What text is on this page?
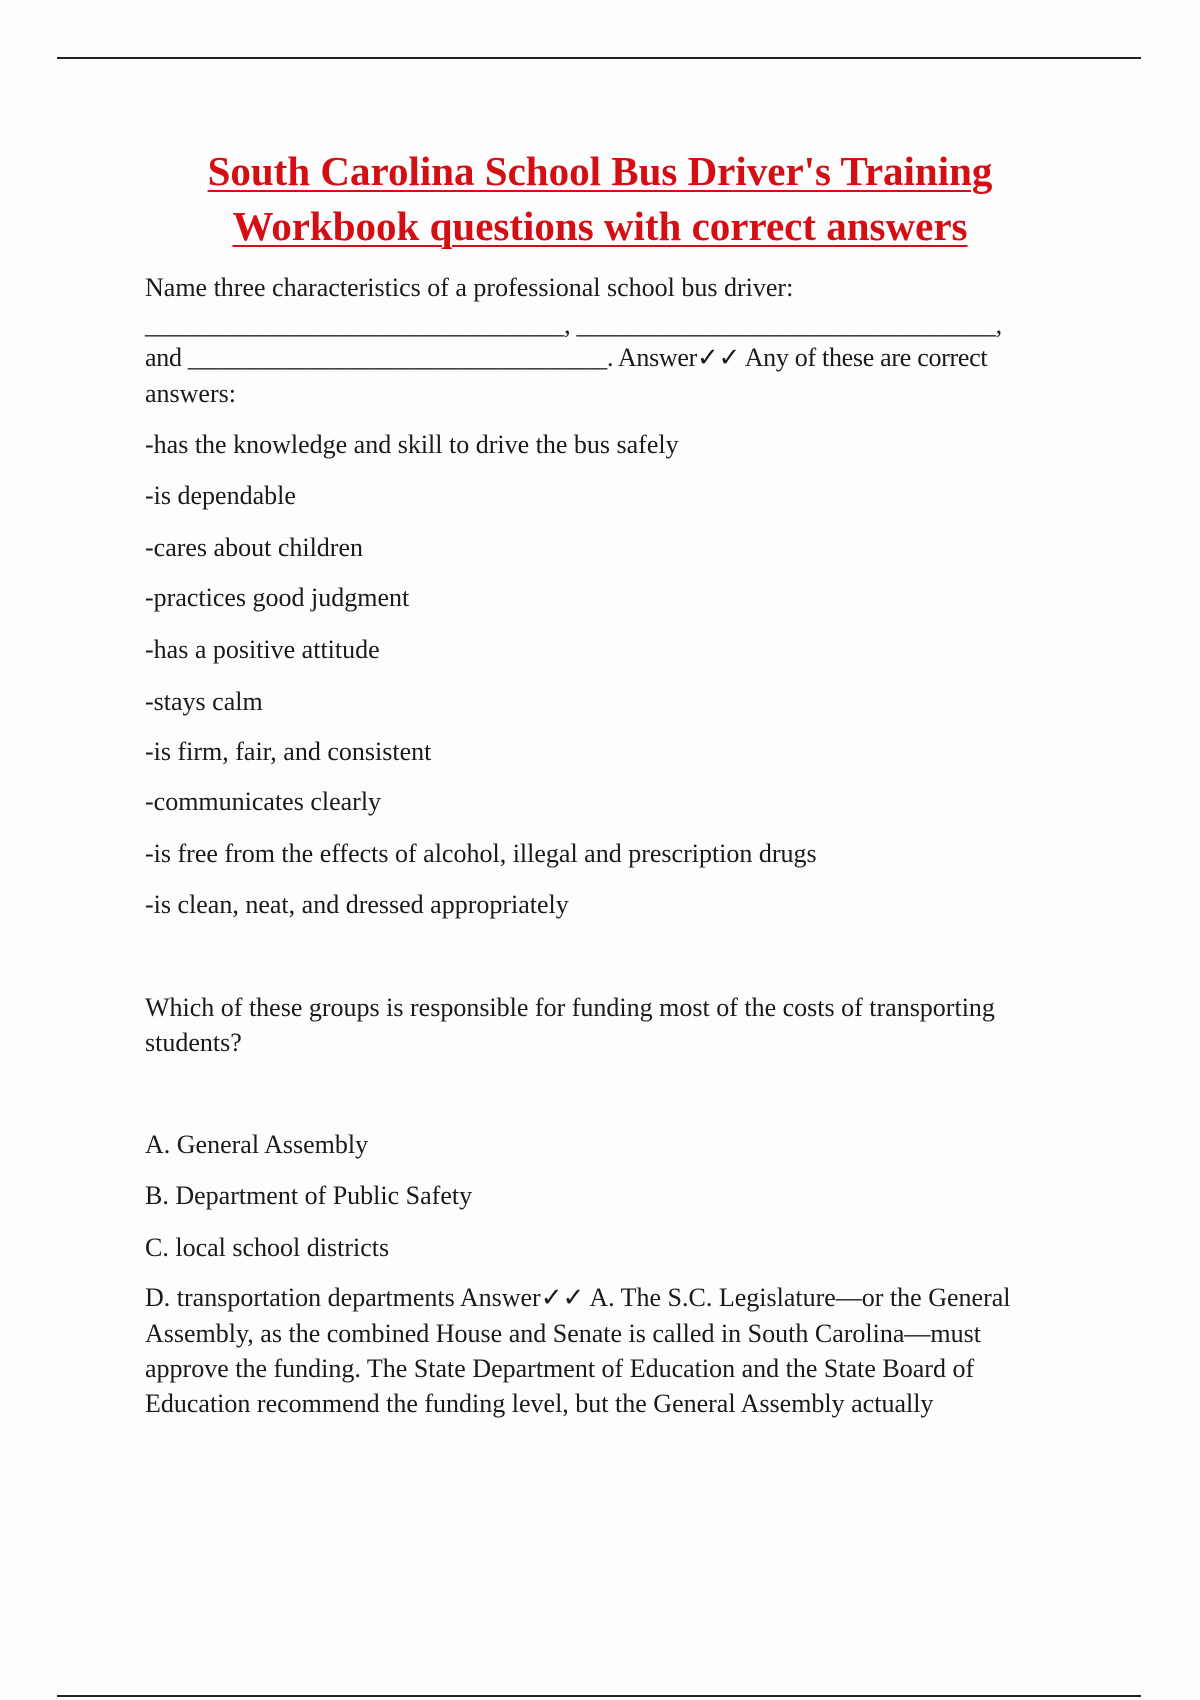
South Carolina School Bus Driver's Training
Workbook questions with correct answers
Name three characteristics of a professional school bus driver:
_________________________________, _________________________________,
and _________________________________. Answer✓✓ Any of these are correct
answers:
-has the knowledge and skill to drive the bus safely
-is dependable
-cares about children
-practices good judgment
-has a positive attitude
-stays calm
-is firm, fair, and consistent
-communicates clearly
-is free from the effects of alcohol, illegal and prescription drugs
-is clean, neat, and dressed appropriately
Which of these groups is responsible for funding most of the costs of transporting
students?
A. General Assembly
B. Department of Public Safety
C. local school districts
D. transportation departments Answer✓✓ A. The S.C. Legislature—or the General
Assembly, as the combined House and Senate is called in South Carolina—must
approve the funding. The State Department of Education and the State Board of
Education recommend the funding level, but the General Assembly actually
